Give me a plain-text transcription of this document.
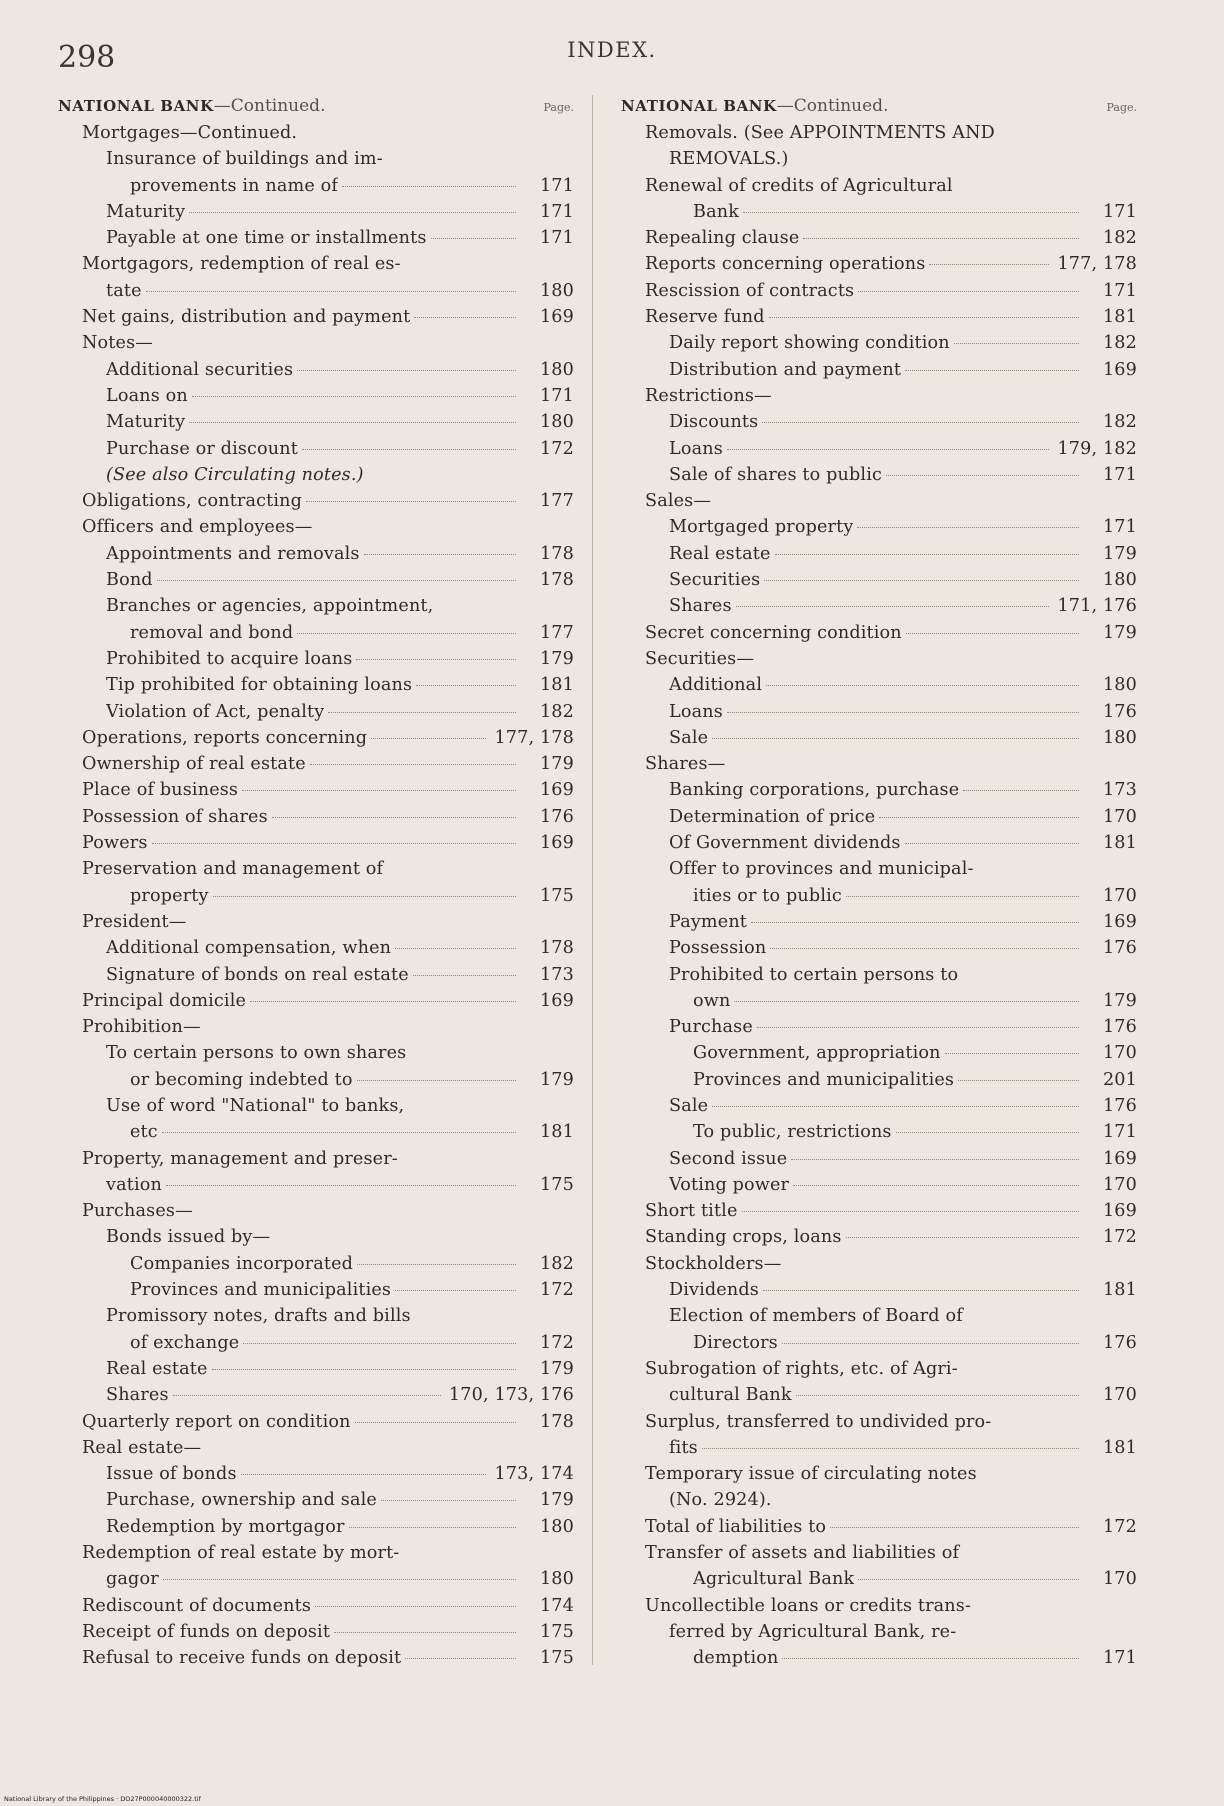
298	INDEX.
NATIONAL BANK—Continued.	Page.
Mortgages—Continued.
Insurance of buildings and im-
provements in name of	171
Maturity	171
Payable at one time or installments	171
Mortgagors, redemption of real es-
tate	180
Net gains, distribution and payment	169
Notes—
Additional securities	180
Loans on	171
Maturity	180
Purchase or discount	172
(See also Circulating notes.)
Obligations, contracting	177
Officers and employees—
Appointments and removals	178
Bond	178
Branches or agencies, appointment,
removal and bond	177
Prohibited to acquire loans	179
Tip prohibited for obtaining loans	181
Violation of Act, penalty	182
Operations, reports concerning	177, 178
Ownership of real estate	179
Place of business	169
Possession of shares	176
Powers	169
Preservation and management of
property	175
President—
Additional compensation, when	178
Signature of bonds on real estate	173
Principal domicile	169
Prohibition—
To certain persons to own shares
or becoming indebted to	179
Use of word "National" to banks,
etc	181
Property, management and preser-
vation	175
Purchases—
Bonds issued by—
Companies incorporated	182
Provinces and municipalities	172
Promissory notes, drafts and bills
of exchange	172
Real estate	179
Shares	170, 173, 176
Quarterly report on condition	178
Real estate—
Issue of bonds	173, 174
Purchase, ownership and sale	179
Redemption by mortgagor	180
Redemption of real estate by mort-
gagor	180
Rediscount of documents	174
Receipt of funds on deposit	175
Refusal to receive funds on deposit	175
NATIONAL BANK—Continued.	Page.
Removals. (See APPOINTMENTS AND
REMOVALS.)
Renewal of credits of Agricultural
Bank	171
Repealing clause	182
Reports concerning operations	177, 178
Rescission of contracts	171
Reserve fund	181
Daily report showing condition	182
Distribution and payment	169
Restrictions—
Discounts	182
Loans	179, 182
Sale of shares to public	171
Sales—
Mortgaged property	171
Real estate	179
Securities	180
Shares	171, 176
Secret concerning condition	179
Securities—
Additional	180
Loans	176
Sale	180
Shares—
Banking corporations, purchase	173
Determination of price	170
Of Government dividends	181
Offer to provinces and municipal-
ities or to public	170
Payment	169
Possession	176
Prohibited to certain persons to
own	179
Purchase	176
Government, appropriation	170
Provinces and municipalities	201
Sale	176
To public, restrictions	171
Second issue	169
Voting power	170
Short title	169
Standing crops, loans	172
Stockholders—
Dividends	181
Election of members of Board of
Directors	176
Subrogation of rights, etc. of Agri-
cultural Bank	170
Surplus, transferred to undivided pro-
fits	181
Temporary issue of circulating notes
(No. 2924).
Total of liabilities to	172
Transfer of assets and liabilities of
Agricultural Bank	170
Uncollectible loans or credits trans-
ferred by Agricultural Bank, re-
demption	171
National Library of the Philippines · DO27P000040000322.tif
